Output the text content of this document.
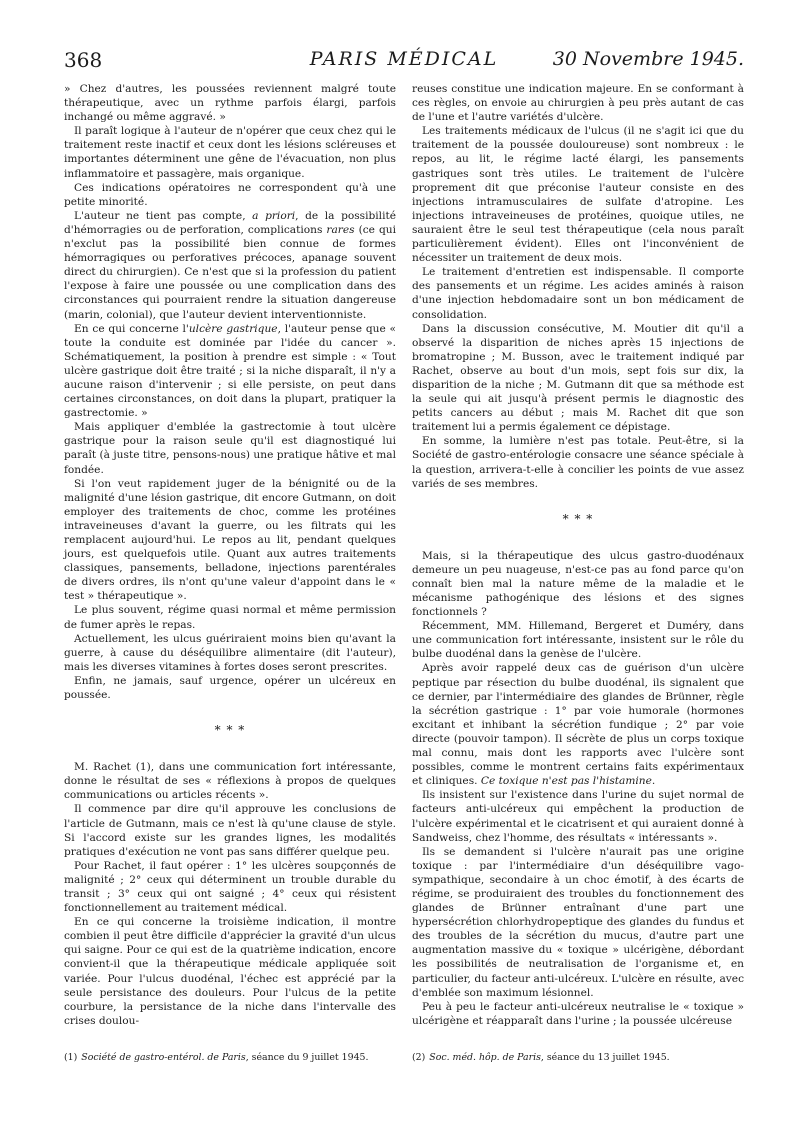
368	PARIS MÉDICAL	30 Novembre 1945.

» Chez d'autres, les poussées reviennent malgré toute thérapeutique, avec un rythme parfois élargi, parfois inchangé ou même aggravé. »

Il paraît logique à l'auteur de n'opérer que ceux chez qui le traitement reste inactif et ceux dont les lésions scléreuses et importantes déterminent une gêne de l'évacuation, non plus inflammatoire et passagère, mais organique.

Ces indications opératoires ne correspondent qu'à une petite minorité.

L'auteur ne tient pas compte, a priori, de la possibilité d'hémorragies ou de perforation, complications rares (ce qui n'exclut pas la possibilité bien connue de formes hémorragiques ou perforatives précoces, apanage souvent direct du chirurgien). Ce n'est que si la profession du patient l'expose à faire une poussée ou une complication dans des circonstances qui pourraient rendre la situation dangereuse (marin, colonial), que l'auteur devient interventionniste.

En ce qui concerne l'ulcère gastrique, l'auteur pense que « toute la conduite est dominée par l'idée du cancer ». Schématiquement, la position à prendre est simple : « Tout ulcère gastrique doit être traité ; si la niche disparaît, il n'y a aucune raison d'intervenir ; si elle persiste, on peut dans certaines circonstances, on doit dans la plupart, pratiquer la gastrectomie. »

Mais appliquer d'emblée la gastrectomie à tout ulcère gastrique pour la raison seule qu'il est diagnostiqué lui paraît (à juste titre, pensons-nous) une pratique hâtive et mal fondée.

Si l'on veut rapidement juger de la bénignité ou de la malignité d'une lésion gastrique, dit encore Gutmann, on doit employer des traitements de choc, comme les protéines intraveineuses d'avant la guerre, ou les filtrats qui les remplacent aujourd'hui. Le repos au lit, pendant quelques jours, est quelquefois utile. Quant aux autres traitements classiques, pansements, belladone, injections parentérales de divers ordres, ils n'ont qu'une valeur d'appoint dans le « test » thérapeutique ».

Le plus souvent, régime quasi normal et même permission de fumer après le repas.

Actuellement, les ulcus guériraient moins bien qu'avant la guerre, à cause du déséquilibre alimentaire (dit l'auteur), mais les diverses vitamines à fortes doses seront prescrites.

Enfin, ne jamais, sauf urgence, opérer un ulcéreux en poussée.

* * *

M. Rachet (1), dans une communication fort intéressante, donne le résultat de ses « réflexions à propos de quelques communications ou articles récents ».

Il commence par dire qu'il approuve les conclusions de l'article de Gutmann, mais ce n'est là qu'une clause de style. Si l'accord existe sur les grandes lignes, les modalités pratiques d'exécution ne vont pas sans différer quelque peu.

Pour Rachet, il faut opérer : 1° les ulcères soupçonnés de malignité ; 2° ceux qui déterminent un trouble durable du transit ; 3° ceux qui ont saigné ; 4° ceux qui résistent fonctionnellement au traitement médical.

En ce qui concerne la troisième indication, il montre combien il peut être difficile d'apprécier la gravité d'un ulcus qui saigne. Pour ce qui est de la quatrième indication, encore convient-il que la thérapeutique médicale appliquée soit variée. Pour l'ulcus duodénal, l'échec est apprécié par la seule persistance des douleurs. Pour l'ulcus de la petite courbure, la persistance de la niche dans l'intervalle des crises doulou-

reuses constitue une indication majeure. En se conformant à ces règles, on envoie au chirurgien à peu près autant de cas de l'une et l'autre variétés d'ulcère.

Les traitements médicaux de l'ulcus (il ne s'agit ici que du traitement de la poussée douloureuse) sont nombreux : le repos, au lit, le régime lacté élargi, les pansements gastriques sont très utiles. Le traitement de l'ulcère proprement dit que préconise l'auteur consiste en des injections intramusculaires de sulfate d'atropine. Les injections intraveineuses de protéines, quoique utiles, ne sauraient être le seul test thérapeutique (cela nous paraît particulièrement évident). Elles ont l'inconvénient de nécessiter un traitement de deux mois.

Le traitement d'entretien est indispensable. Il comporte des pansements et un régime. Les acides aminés à raison d'une injection hebdomadaire sont un bon médicament de consolidation.

Dans la discussion consécutive, M. Moutier dit qu'il a observé la disparition de niches après 15 injections de bromatropine ; M. Busson, avec le traitement indiqué par Rachet, observe au bout d'un mois, sept fois sur dix, la disparition de la niche ; M. Gutmann dit que sa méthode est la seule qui ait jusqu'à présent permis le diagnostic des petits cancers au début ; mais M. Rachet dit que son traitement lui a permis également ce dépistage.

En somme, la lumière n'est pas totale. Peut-être, si la Société de gastro-entérologie consacre une séance spéciale à la question, arrivera-t-elle à concilier les points de vue assez variés de ses membres.

* * *

Mais, si la thérapeutique des ulcus gastro-duodénaux demeure un peu nuageuse, n'est-ce pas au fond parce qu'on connaît bien mal la nature même de la maladie et le mécanisme pathogénique des lésions et des signes fonctionnels ?

Récemment, MM. Hillemand, Bergeret et Duméry, dans une communication fort intéressante, insistent sur le rôle du bulbe duodénal dans la genèse de l'ulcère.

Après avoir rappelé deux cas de guérison d'un ulcère peptique par résection du bulbe duodénal, ils signalent que ce dernier, par l'intermédiaire des glandes de Brünner, règle la sécrétion gastrique : 1° par voie humorale (hormones excitant et inhibant la sécrétion fundique ; 2° par voie directe (pouvoir tampon). Il sécrète de plus un corps toxique mal connu, mais dont les rapports avec l'ulcère sont possibles, comme le montrent certains faits expérimentaux et cliniques. Ce toxique n'est pas l'histamine.

Ils insistent sur l'existence dans l'urine du sujet normal de facteurs anti-ulcéreux qui empêchent la production de l'ulcère expérimental et le cicatrisent et qui auraient donné à Sandweiss, chez l'homme, des résultats « intéressants ».

Ils se demandent si l'ulcère n'aurait pas une origine toxique : par l'intermédiaire d'un déséquilibre vago-sympathique, secondaire à un choc émotif, à des écarts de régime, se produiraient des troubles du fonctionnement des glandes de Brünner entraînant d'une part une hypersécrétion chlorhydropeptique des glandes du fundus et des troubles de la sécrétion du mucus, d'autre part une augmentation massive du « toxique » ulcérigène, débordant les possibilités de neutralisation de l'organisme et, en particulier, du facteur anti-ulcéreux. L'ulcère en résulte, avec d'emblée son maximum lésionnel.

Peu à peu le facteur anti-ulcéreux neutralise le « toxique » ulcérigène et réapparaît dans l'urine ; la poussée ulcéreuse

(1) Société de gastro-entérol. de Paris, séance du 9 juillet 1945.	(2) Soc. méd. hôp. de Paris, séance du 13 juillet 1945.
